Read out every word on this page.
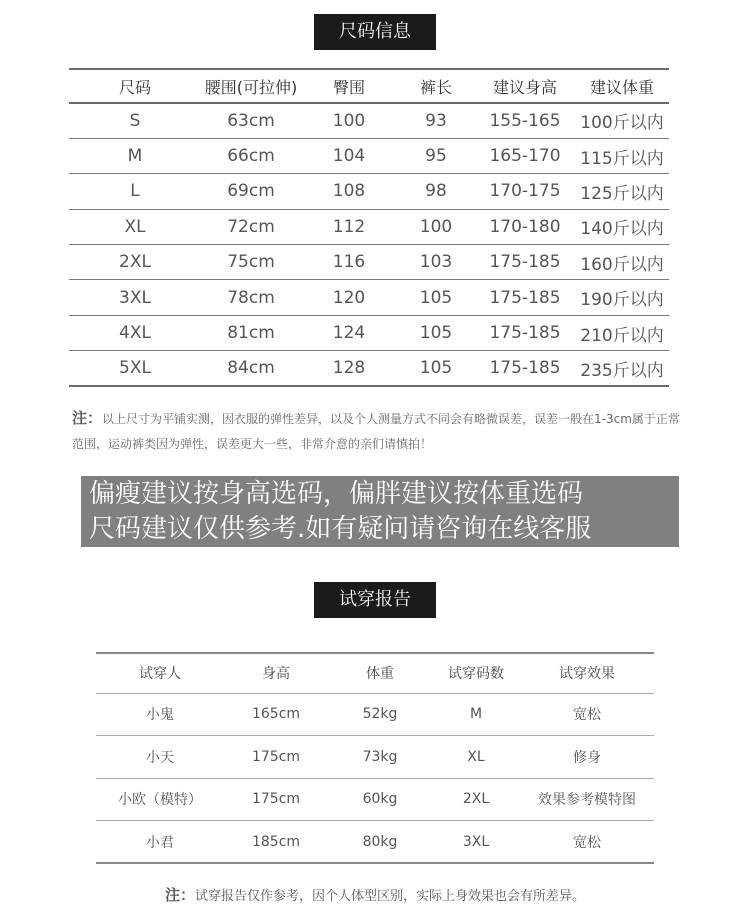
尺码信息
尺码	腰围(可拉伸)	臀围	裤长	建议身高	建议体重
S	63cm	100	93	155-165	100斤以内
M	66cm	104	95	165-170	115斤以内
L	69cm	108	98	170-175	125斤以内
XL	72cm	112	100	170-180	140斤以内
2XL	75cm	116	103	175-185	160斤以内
3XL	78cm	120	105	175-185	190斤以内
4XL	81cm	124	105	175-185	210斤以内
5XL	84cm	128	105	175-185	235斤以内
注：以上尺寸为平铺实测，因衣服的弹性差异，以及个人测量方式不同会有略微误差，误差一般在1-3cm属于正常范围，运动裤类因为弹性，误差更大一些，非常介意的亲们请慎拍！
偏瘦建议按身高选码，偏胖建议按体重选码
尺码建议仅供参考.如有疑问请咨询在线客服
试穿报告
试穿人	身高	体重	试穿码数	试穿效果
小鬼	165cm	52kg	M	宽松
小天	175cm	73kg	XL	修身
小欧（模特）	175cm	60kg	2XL	效果参考模特图
小君	185cm	80kg	3XL	宽松
注：试穿报告仅作参考，因个人体型区别，实际上身效果也会有所差异。
